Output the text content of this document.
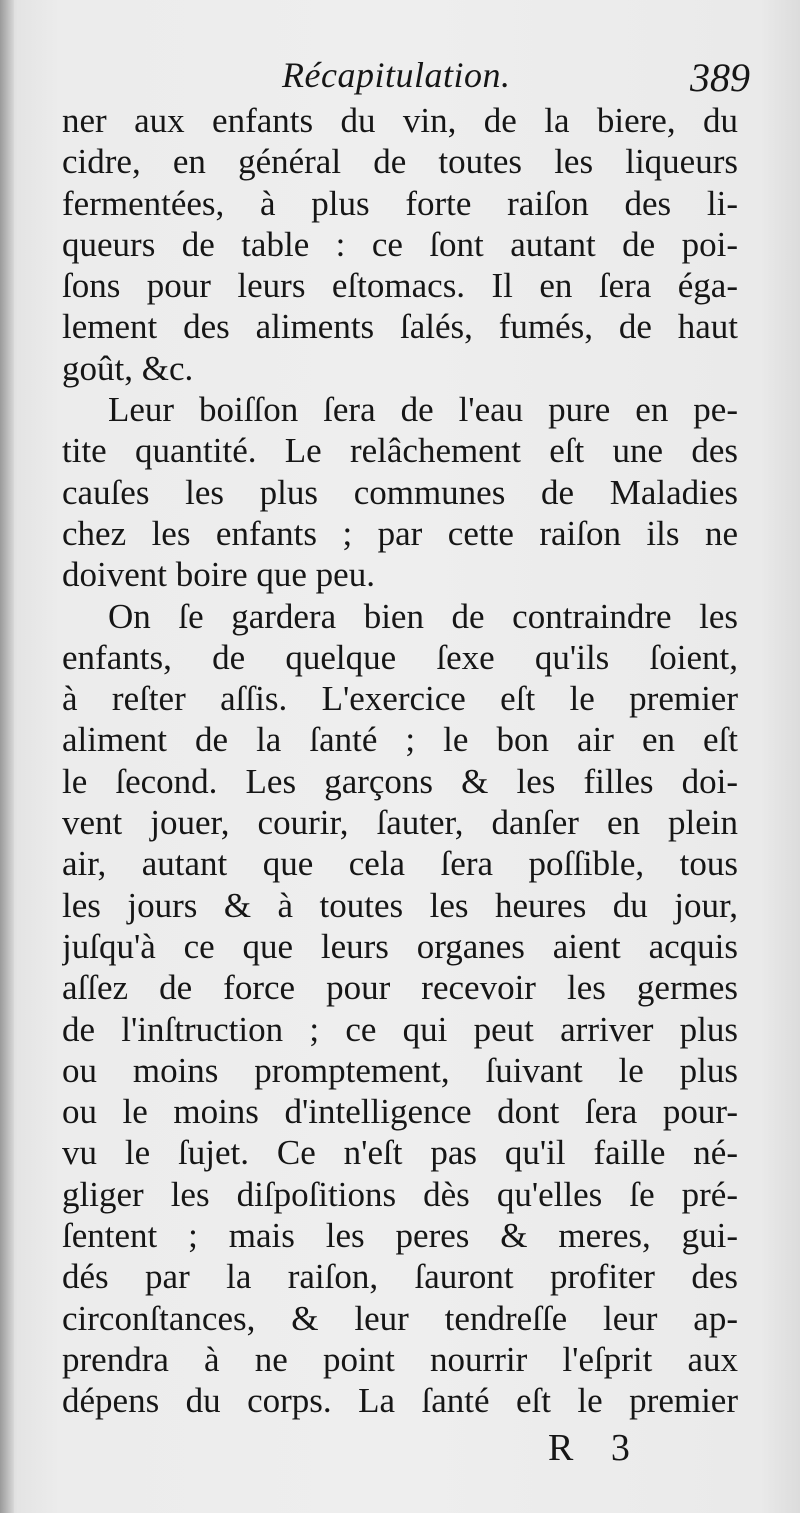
Récapitulation.	389
ner aux enfants du vin, de la biere, du
cidre, en général de toutes les liqueurs
fermentées, à plus forte raiſon des li-
queurs de table : ce ſont autant de poi-
ſons pour leurs eſtomacs. Il en ſera éga-
lement des aliments ſalés, fumés, de haut
goût, &c.
Leur boiſſon ſera de l'eau pure en pe-
tite quantité. Le relâchement eſt une des
cauſes les plus communes de Maladies
chez les enfants ; par cette raiſon ils ne
doivent boire que peu.
On ſe gardera bien de contraindre les
enfants, de quelque ſexe qu'ils ſoient,
à reſter aſſis. L'exercice eſt le premier
aliment de la ſanté ; le bon air en eſt
le ſecond. Les garçons & les filles doi-
vent jouer, courir, ſauter, danſer en plein
air, autant que cela ſera poſſible, tous
les jours & à toutes les heures du jour,
juſqu'à ce que leurs organes aient acquis
aſſez de force pour recevoir les germes
de l'inſtruction ; ce qui peut arriver plus
ou moins promptement, ſuivant le plus
ou le moins d'intelligence dont ſera pour-
vu le ſujet. Ce n'eſt pas qu'il faille né-
gliger les diſpoſitions dès qu'elles ſe pré-
ſentent ; mais les peres & meres, gui-
dés par la raiſon, ſauront profiter des
circonſtances, & leur tendreſſe leur ap-
prendra à ne point nourrir l'eſprit aux
dépens du corps. La ſanté eſt le premier
R 3
